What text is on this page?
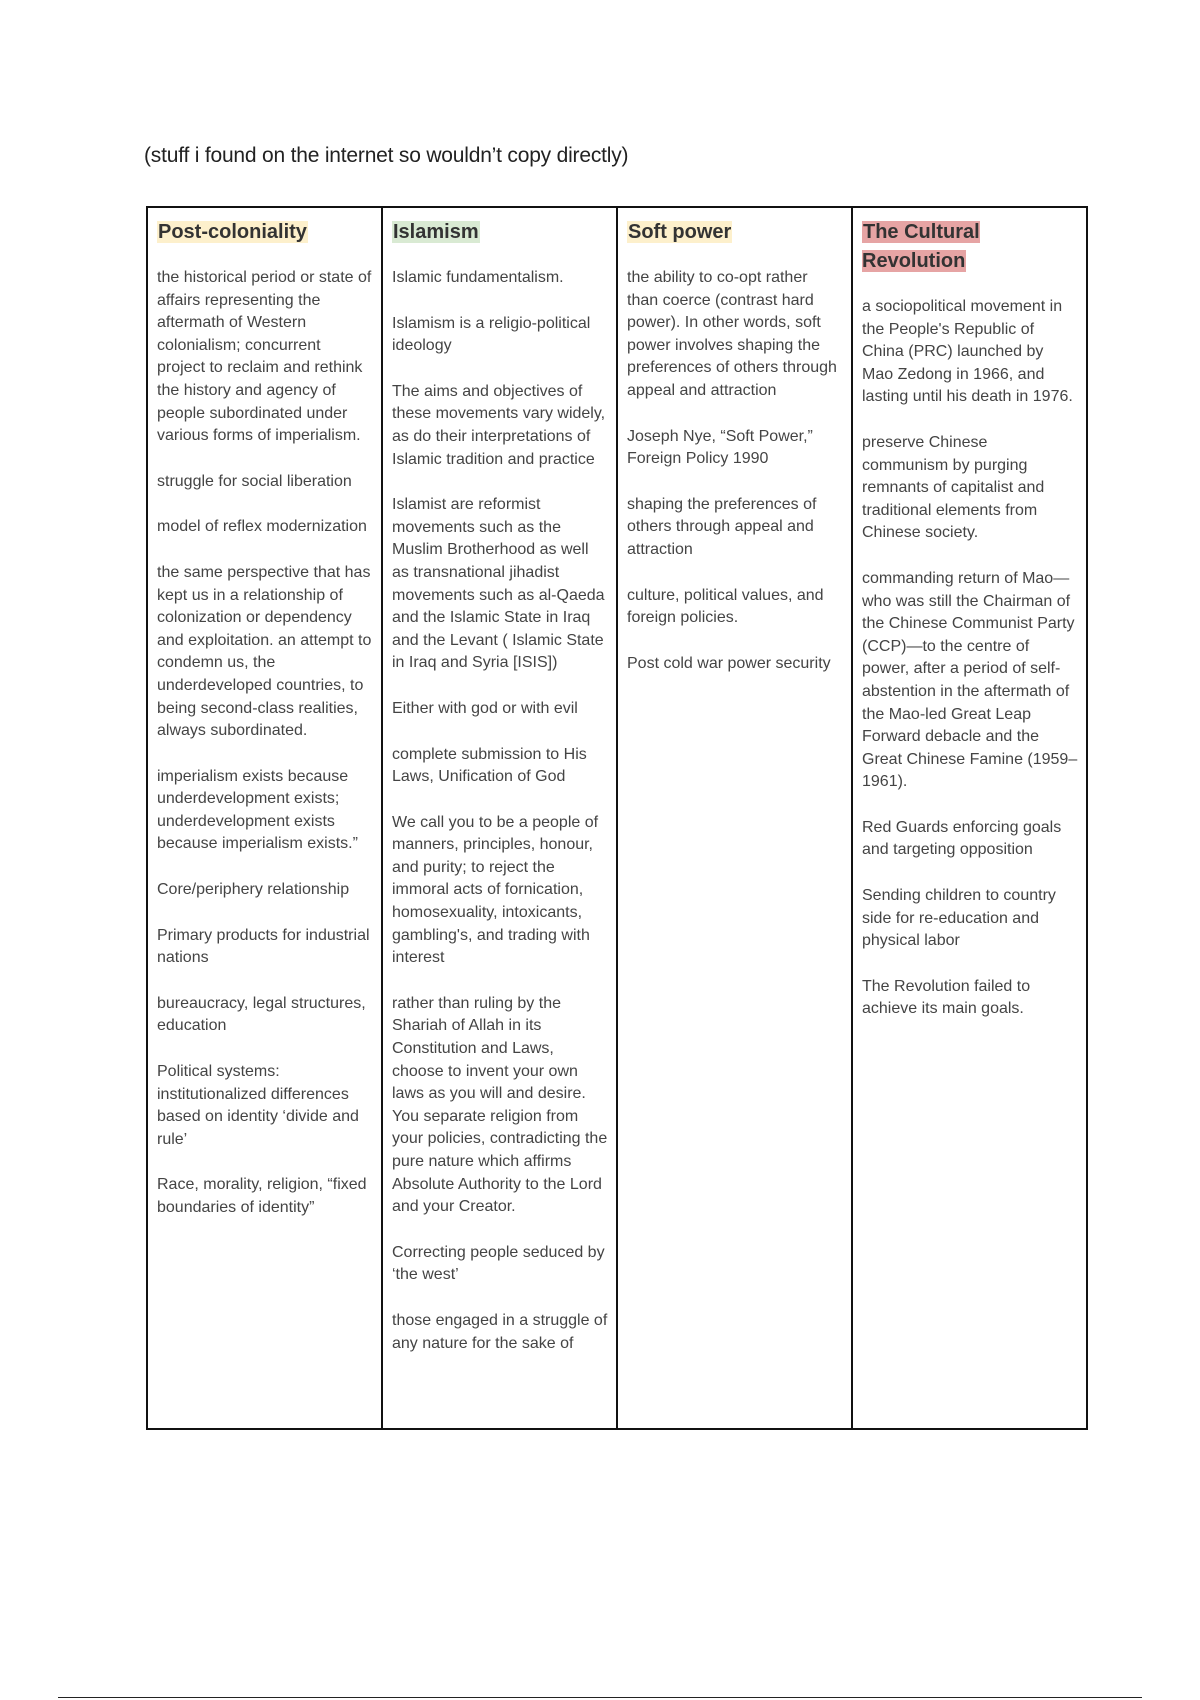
(stuff i found on the internet so wouldn’t copy directly)
Post-coloniality
the historical period or state of affairs representing the aftermath of Western colonialism; concurrent project to reclaim and rethink the history and agency of people subordinated under various forms of imperialism.
struggle for social liberation
model of reflex modernization
the same perspective that has kept us in a relationship of colonization or dependency and exploitation. an attempt to condemn us, the underdeveloped countries, to being second-class realities, always subordinated.
imperialism exists because underdevelopment exists; underdevelopment exists because imperialism exists.”
Core/periphery relationship
Primary products for industrial nations
bureaucracy, legal structures, education
Political systems: institutionalized differences based on identity ‘divide and rule’
Race, morality, religion, “fixed boundaries of identity”

Islamism
Islamic fundamentalism.
Islamism is a religio-political ideology
The aims and objectives of these movements vary widely, as do their interpretations of Islamic tradition and practice
Islamist are reformist movements such as the Muslim Brotherhood as well as transnational jihadist movements such as al-Qaeda and the Islamic State in Iraq and the Levant ( Islamic State in Iraq and Syria [ISIS])
Either with god or with evil
complete submission to His Laws, Unification of God
We call you to be a people of manners, principles, honour, and purity; to reject the immoral acts of fornication, homosexuality, intoxicants, gambling's, and trading with interest
rather than ruling by the Shariah of Allah in its Constitution and Laws, choose to invent your own laws as you will and desire. You separate religion from your policies, contradicting the pure nature which affirms Absolute Authority to the Lord and your Creator.
Correcting people seduced by ‘the west’
those engaged in a struggle of any nature for the sake of

Soft power
the ability to co-opt rather than coerce (contrast hard power). In other words, soft power involves shaping the preferences of others through appeal and attraction
Joseph Nye, “Soft Power,” Foreign Policy 1990
shaping the preferences of others through appeal and attraction
culture, political values, and foreign policies.
Post cold war power security

The Cultural Revolution
a sociopolitical movement in the People's Republic of China (PRC) launched by Mao Zedong in 1966, and lasting until his death in 1976.
preserve Chinese communism by purging remnants of capitalist and traditional elements from Chinese society.
commanding return of Mao—who was still the Chairman of the Chinese Communist Party (CCP)—to the centre of power, after a period of self-abstention in the aftermath of the Mao-led Great Leap Forward debacle and the Great Chinese Famine (1959–1961).
Red Guards enforcing goals and targeting opposition
Sending children to country side for re-education and physical labor
The Revolution failed to achieve its main goals.
